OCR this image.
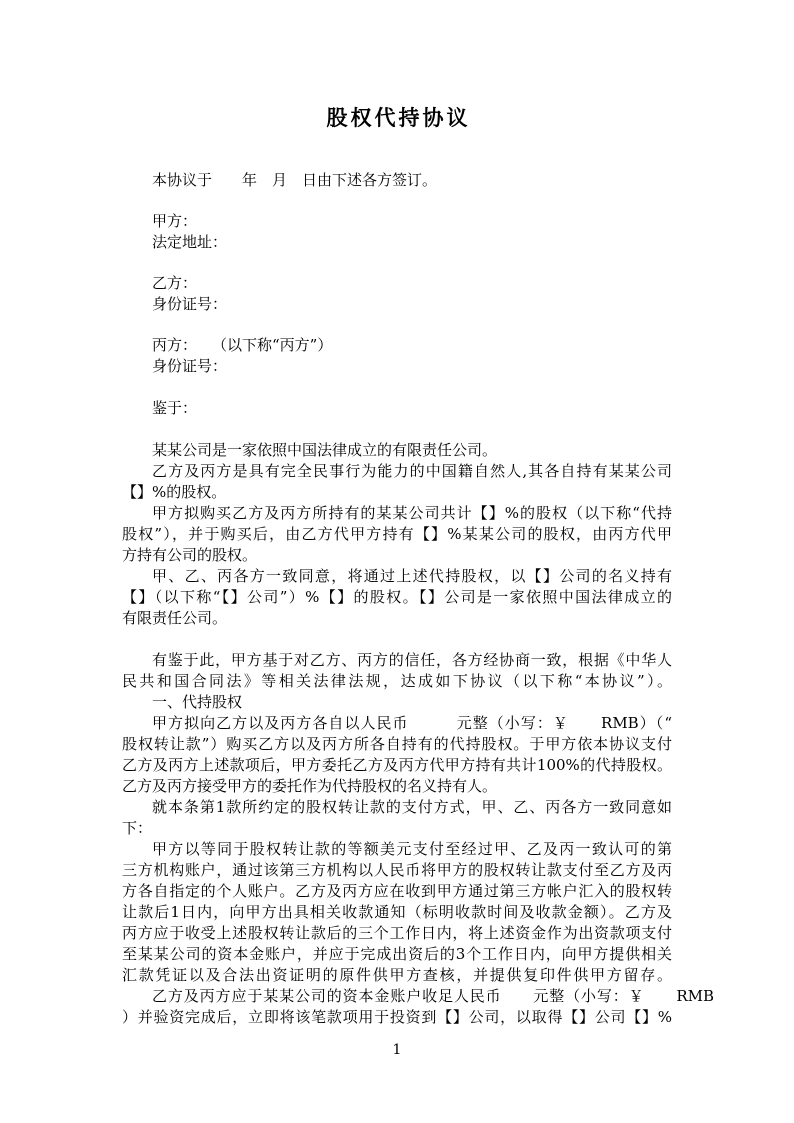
股权代持协议
本协议于　　年　月　日由下述各方签订。
甲方：
法定地址：
乙方：
身份证号：
丙方：　　（以下称“丙方”）
身份证号：
鉴于：
某某公司是一家依照中国法律成立的有限责任公司。
乙方及丙方是具有完全民事行为能力的中国籍自然人,其各自持有某某公司
【】%的股权。
甲方拟购买乙方及丙方所持有的某某公司共计【】%的股权（以下称“代持
股权”），并于购买后，由乙方代甲方持有【】%某某公司的股权，由丙方代甲
方持有公司的股权。
甲、乙、丙各方一致同意，将通过上述代持股权，以【】公司的名义持有
【】（以下称“【】公司”）%【】的股权。【】公司是一家依照中国法律成立的
有限责任公司。
有鉴于此，甲方基于对乙方、丙方的信任，各方经协商一致，根据《中华人
民共和国合同法》等相关法律法规，达成如下协议（以下称“本协议”）。
一、代持股权
甲方拟向乙方以及丙方各自以人民币　　　元整（小写：￥　　RMB）（“
股权转让款”）购买乙方以及丙方所各自持有的代持股权。于甲方依本协议支付
乙方及丙方上述款项后，甲方委托乙方及丙方代甲方持有共计100%的代持股权。
乙方及丙方接受甲方的委托作为代持股权的名义持有人。
就本条第1款所约定的股权转让款的支付方式，甲、乙、丙各方一致同意如
下：
甲方以等同于股权转让款的等额美元支付至经过甲、乙及丙一致认可的第
三方机构账户，通过该第三方机构以人民币将甲方的股权转让款支付至乙方及丙
方各自指定的个人账户。乙方及丙方应在收到甲方通过第三方帐户汇入的股权转
让款后1日内，向甲方出具相关收款通知（标明收款时间及收款金额）。乙方及
丙方应于收受上述股权转让款后的三个工作日内，将上述资金作为出资款项支付
至某某公司的资本金账户，并应于完成出资后的3个工作日内，向甲方提供相关
汇款凭证以及合法出资证明的原件供甲方查核，并提供复印件供甲方留存。
乙方及丙方应于某某公司的资本金账户收足人民币　　元整（小写：￥　　RMB
）并验资完成后，立即将该笔款项用于投资到【】公司，以取得【】公司【】%
1
